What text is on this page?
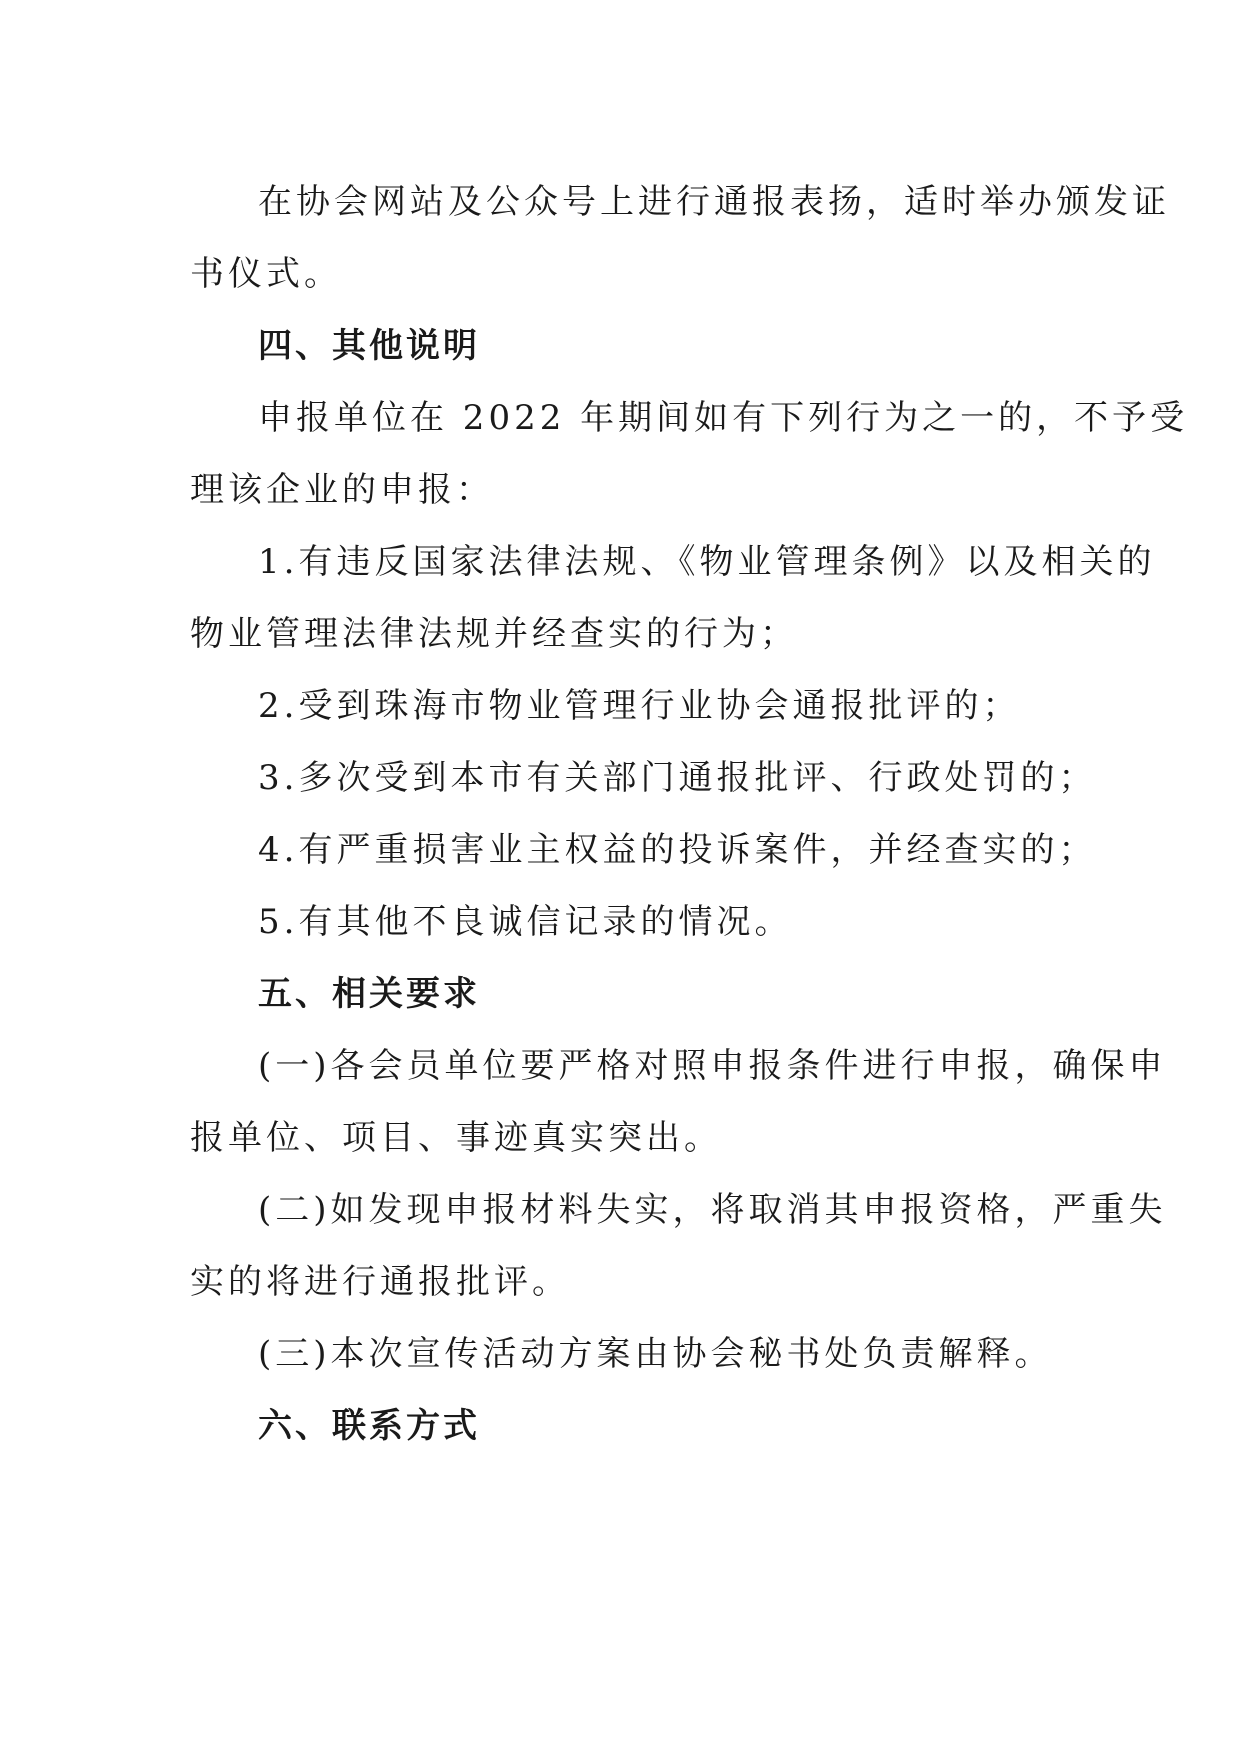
在协会网站及公众号上进行通报表扬，适时举办颁发证
书仪式。
四、其他说明
申报单位在 2022 年期间如有下列行为之一的，不予受
理该企业的申报：
1.有违反国家法律法规、《物业管理条例》以及相关的
物业管理法律法规并经查实的行为；
2.受到珠海市物业管理行业协会通报批评的；
3.多次受到本市有关部门通报批评、行政处罚的；
4.有严重损害业主权益的投诉案件，并经查实的；
5.有其他不良诚信记录的情况。
五、相关要求
(一)各会员单位要严格对照申报条件进行申报，确保申
报单位、项目、事迹真实突出。
(二)如发现申报材料失实，将取消其申报资格，严重失
实的将进行通报批评。
(三)本次宣传活动方案由协会秘书处负责解释。
六、联系方式
